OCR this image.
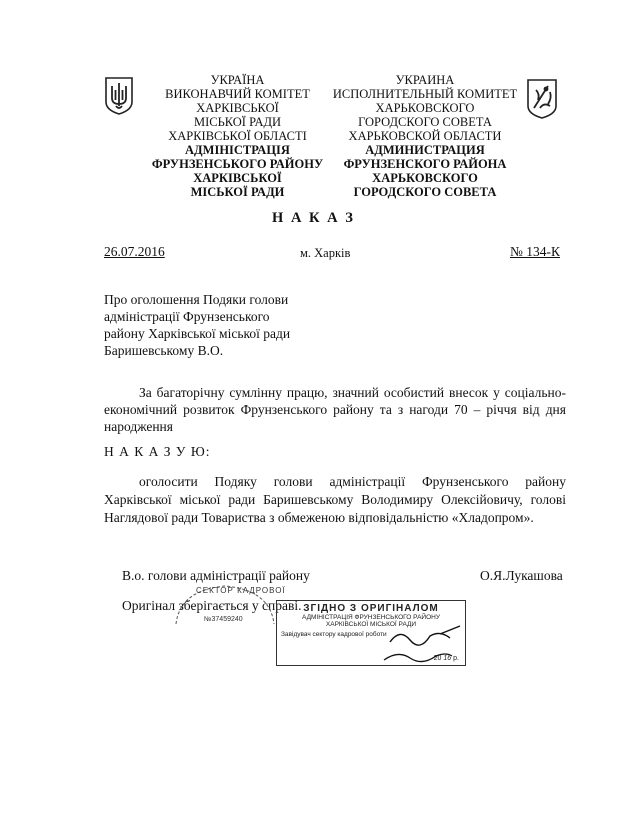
УКРАЇНА
ВИКОНАВЧИЙ КОМІТЕТ
ХАРКІВСЬКОЇ
МІСЬКОЇ РАДИ
ХАРКІВСЬКОЇ ОБЛАСТІ
АДМІНІСТРАЦІЯ
ФРУНЗЕНСЬКОГО РАЙОНУ
ХАРКІВСЬКОЇ
МІСЬКОЇ РАДИ
УКРАИНА
ИСПОЛНИТЕЛЬНЫЙ КОМИТЕТ
ХАРЬКОВСКОГО
ГОРОДСКОГО СОВЕТА
ХАРЬКОВСКОЙ ОБЛАСТИ
АДМИНИСТРАЦИЯ
ФРУНЗЕНСКОГО РАЙОНА
ХАРЬКОВСКОГО
ГОРОДСКОГО СОВЕТА
Н А К А З
26.07.2016	м. Харків	№ 134-К
Про оголошення Подяки голови
адміністрації Фрунзенського
району Харківської міської ради
Баришевському В.О.
За багаторічну сумлінну працю, значний особистий внесок у соціально-економічний розвиток Фрунзенського району та з нагоди 70 – річчя від дня народження
Н А К А З У Ю:
оголосити Подяку голови адміністрації Фрунзенського району Харківської міської ради Баришевському Володимиру Олексійовичу, голові Наглядової ради Товариства з обмеженою відповідальністю «Хладопром».
В.о. голови адміністрації району	О.Я.Лукашова
Оригінал зберігається у справі.
СЕКТОР КАДРОВОЇ
№37459240
ЗГІДНО З ОРИГІНАЛОМ
АДМІНІСТРАЦІЯ ФРУНЗЕНСЬКОГО РАЙОНУ
ХАРКІВСЬКОЇ МІСЬКОЇ РАДИ
Завідувач сектору кадрової роботи
20 16 р.
